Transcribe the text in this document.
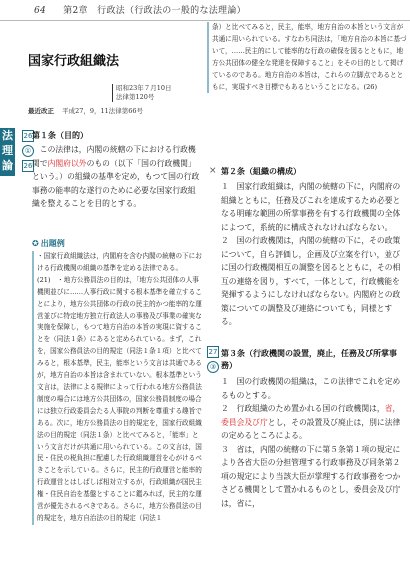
64 第2章　行政法（行政法の一般的な法理論）
法理論
国家行政組織法
昭和23年７月10日
法律第120号
最近改正 平成27，9，11法律第66号
26
①
26
第１条（目的）

　この法律は，内閣の統轄の下における行政機関で内閣府以外のもの（以下「国の行政機関」という。）の組織の基準を定め，もつて国の行政事務の能率的な遂行のために必要な国家行政組織を整えることを目的とする。

✪ 出題例

・国家行政組織法は，内閣府を含む内閣の統轄の下における行政機関の組織の基準を定める法律である。(21)　・地方公務員法の目的は，「地方公共団体の人事機関並びに……人事行政に関する根本基準を確立することにより，地方公共団体の行政の民主的かつ能率的な運営並びに特定地方独立行政法人の事務及び事業の確実な実施を保障し，もつて地方自治の本旨の実現に資することを（同法１条）にあると定められている。まず，これを，国家公務員法の目的規定（同法１条１項）と比べてみると，根本基準，民主，能率という文言は共通であるが，地方自治の本旨は含まれていない。根本基準という文言は，法律による規律によって行われる地方公務員法制度の場合には地方公共団体の，国家公務員制度の場合には独立行政委員会たる人事院の判断を尊重する趣旨である。次に，地方公務員法の目的規定を，国家行政組織法の目的規定（同法１条）と比べてみると，「能率」という文言だけが共通に用いられている。この文言は，国民・住民の税負担に配慮した行政組織運営を心がけるべきことを示している。さらに，民主的行政運営と能率的行政運営とはしばしば相対立するが，行政組織が国民主権・住民自治を基盤とすることに鑑みれば，民主的な運営が優先されるべきである。さらに，地方公務員法の目的規定を，地方自治法の目的規定（同法１

条）と比べてみると，民主，能率，地方自治の本旨という文言が共通に用いられている。すなわち同法は，「地方自治の本旨に基づいて，……民主的にして能率的な行政の確保を図るとともに，地方公共団体の健全な発達を保障すること」をその目的として掲げているのである。地方自治の本旨は，これらの立脚点であるとともに，実現すべき目標でもあるということになる。(26)

× 第２条（組織の構成）

１　国家行政組織は，内閣の統轄の下に，内閣府の組織とともに，任務及びこれを達成するため必要となる明確な範囲の所掌事務を有する行政機関の全体によつて，系統的に構成されなければならない。

２　国の行政機関は，内閣の統轄の下に，その政策について，自ら評価し，企画及び立案を行い，並びに国の行政機関相互の調整を図るとともに，その相互の連絡を図り，すべて，一体として，行政機能を発揮するようにしなければならない。内閣府との政策についての調整及び連絡についても，同様とする。

27
③
第３条（行政機関の設置，廃止，任務及び所掌事務）

１　国の行政機関の組織は，この法律でこれを定めるものとする。

２　行政組織のため置かれる国の行政機関は，省，委員会及び庁とし，その設置及び廃止は，別に法律の定めるところによる。

３　省は，内閣の統轄の下に第５条第１項の規定により各省大臣の分担管理する行政事務及び同条第２項の規定により当該大臣が掌理する行政事務をつかさどる機関として置かれるものとし，委員会及び庁は，省に，
